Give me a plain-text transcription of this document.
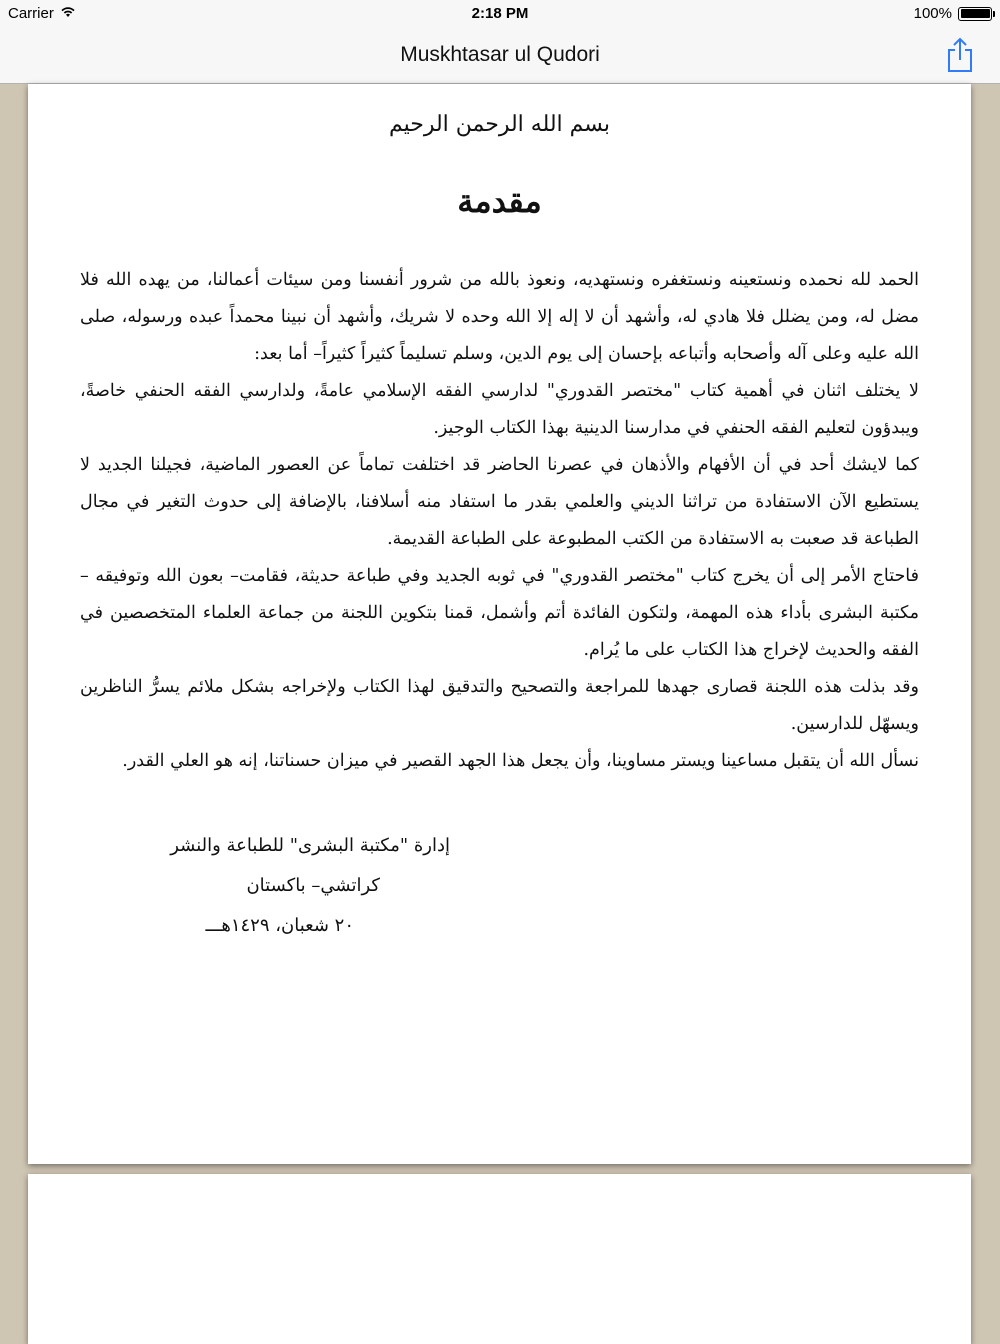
Carrier	2:18 PM	100%
Muskhtasar ul Qudori
بسم الله الرحمن الرحيم
مقدمة

الحمد لله نحمده ونستعينه ونستغفره ونستهديه، ونعوذ بالله من شرور أنفسنا ومن سيئات أعمالنا، من يهده الله فلا مضل له، ومن يضلل فلا هادي له، وأشهد أن لا إله إلا الله وحده لا شريك، وأشهد أن نبينا محمداً عبده ورسوله، صلى الله عليه وعلى آله وأصحابه وأتباعه بإحسان إلى يوم الدين، وسلم تسليماً كثيراً كثيراً– أما بعد:

لا يختلف اثنان في أهمية كتاب "مختصر القدوري" لدارسي الفقه الإسلامي عامةً، ولدارسي الفقه الحنفي خاصةً، ويبدؤون لتعليم الفقه الحنفي في مدارسنا الدينية بهذا الكتاب الوجيز.

كما لايشك أحد في أن الأفهام والأذهان في عصرنا الحاضر قد اختلفت تماماً عن العصور الماضية، فجيلنا الجديد لا يستطيع الآن الاستفادة من تراثنا الديني والعلمي بقدر ما استفاد منه أسلافنا، بالإضافة إلى حدوث التغير في مجال الطباعة قد صعبت به الاستفادة من الكتب المطبوعة على الطباعة القديمة.

فاحتاج الأمر إلى أن يخرج كتاب "مختصر القدوري" في ثوبه الجديد وفي طباعة حديثة، فقامت– بعون الله وتوفيقه – مكتبة البشرى بأداء هذه المهمة، ولتكون الفائدة أتم وأشمل، قمنا بتكوين اللجنة من جماعة العلماء المتخصصين في الفقه والحديث لإخراج هذا الكتاب على ما يُرام.

وقد بذلت هذه اللجنة قصارى جهدها للمراجعة والتصحيح والتدقيق لهذا الكتاب ولإخراجه بشكل ملائم يسرُّ الناظرين ويسهّل للدارسين.

نسأل الله أن يتقبل مساعينا ويستر مساوينا، وأن يجعل هذا الجهد القصير في ميزان حسناتنا، إنه هو العلي القدر.

إدارة "مكتبة البشرى" للطباعة والنشر
كراتشي– باكستان
٢٠ شعبان، ١٤٢٩هـــ
